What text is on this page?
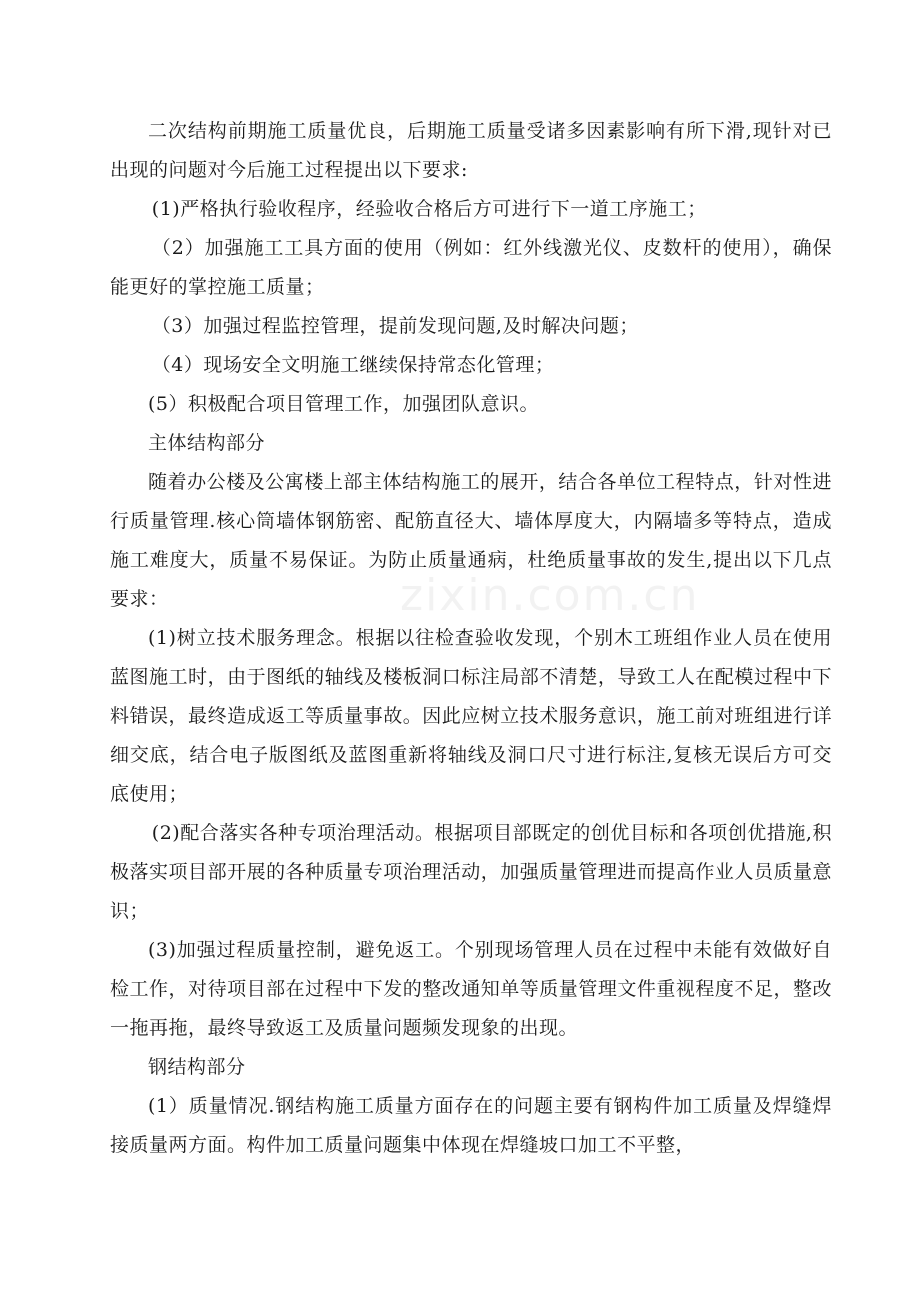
zixin.com.cn

二次结构前期施工质量优良，后期施工质量受诸多因素影响有所下滑,现针对已出现的问题对今后施工过程提出以下要求:

(1)严格执行验收程序，经验收合格后方可进行下一道工序施工；

（2）加强施工工具方面的使用（例如：红外线激光仪、皮数杆的使用），确保能更好的掌控施工质量；

（3）加强过程监控管理，提前发现问题,及时解决问题；

（4）现场安全文明施工继续保持常态化管理；

(5）积极配合项目管理工作，加强团队意识。

主体结构部分

随着办公楼及公寓楼上部主体结构施工的展开，结合各单位工程特点，针对性进行质量管理.核心筒墙体钢筋密、配筋直径大、墙体厚度大，内隔墙多等特点，造成施工难度大，质量不易保证。为防止质量通病，杜绝质量事故的发生,提出以下几点要求：

(1)树立技术服务理念。根据以往检查验收发现，个别木工班组作业人员在使用蓝图施工时，由于图纸的轴线及楼板洞口标注局部不清楚，导致工人在配模过程中下料错误，最终造成返工等质量事故。因此应树立技术服务意识，施工前对班组进行详细交底，结合电子版图纸及蓝图重新将轴线及洞口尺寸进行标注,复核无误后方可交底使用；

(2)配合落实各种专项治理活动。根据项目部既定的创优目标和各项创优措施,积极落实项目部开展的各种质量专项治理活动，加强质量管理进而提高作业人员质量意识；

(3)加强过程质量控制，避免返工。个别现场管理人员在过程中未能有效做好自检工作，对待项目部在过程中下发的整改通知单等质量管理文件重视程度不足，整改一拖再拖，最终导致返工及质量问题频发现象的出现。

钢结构部分

(1）质量情况.钢结构施工质量方面存在的问题主要有钢构件加工质量及焊缝焊接质量两方面。构件加工质量问题集中体现在焊缝坡口加工不平整，
